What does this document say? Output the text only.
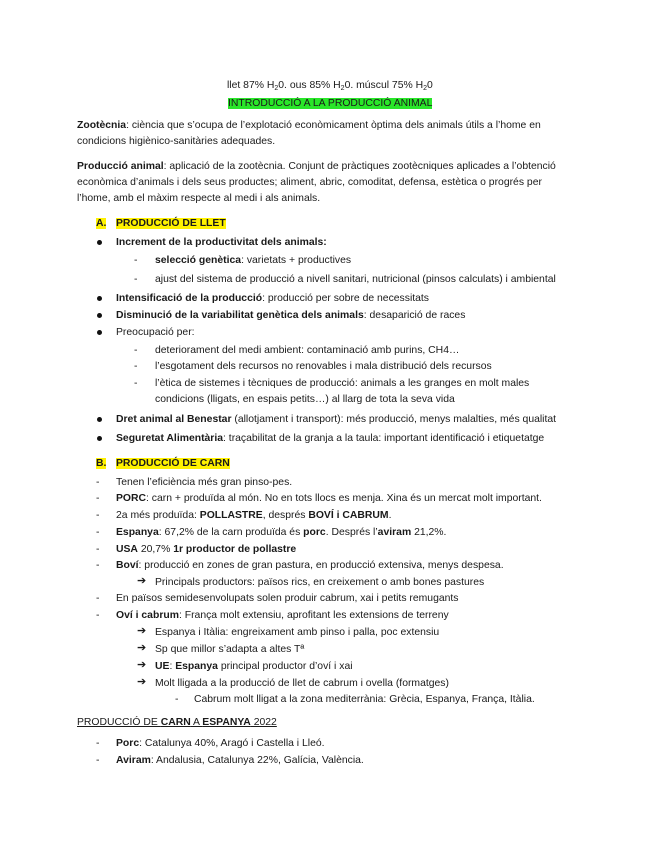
llet 87% $H_20$. ous 85% $H_20$. múscul 75% $H_20$
INTRODUCCIÓ A LA PRODUCCIÓ ANIMAL
Zootècnia: ciència que s’ocupa de l’explotació econòmicament òptima dels animals útils a l’home en
condicions higiènico-sanitàries adequades.
Producció animal: aplicació de la zootècnia. Conjunt de pràctiques zootècniques aplicades a l’obtenció
econòmica d’animals i dels seus productes; aliment, abric, comoditat, defensa, estètica o progrés per
l’home, amb el màxim respecte al medi i als animals.
A. PRODUCCIÓ DE LLET
Increment de la productivitat dels animals:
- selecció genètica: varietats + productives
- ajust del sistema de producció a nivell sanitari, nutricional (pinsos calculats) i ambiental
Intensificació de la producció: producció per sobre de necessitats
Disminució de la variabilitat genètica dels animals: desaparició de races
Preocupació per:
- deteriorament del medi ambient: contaminació amb purins, CH4…
- l’esgotament dels recursos no renovables i mala distribució dels recursos
- l’ètica de sistemes i tècniques de producció: animals a les granges en molt males
condicions (lligats, en espais petits…) al llarg de tota la seva vida
Dret animal al Benestar (allotjament i transport): més producció, menys malalties, més qualitat
Seguretat Alimentària: traçabilitat de la granja a la taula: important identificació i etiquetatge
B. PRODUCCIÓ DE CARN
- Tenen l’eficiència més gran pinso-pes.
- PORC: carn + produïda al món. No en tots llocs es menja. Xina és un mercat molt important.
- 2a més produïda: POLLASTRE, després BOVÍ i CABRUM.
- Espanya: 67,2% de la carn produïda és porc. Després l’aviram 21,2%.
- USA 20,7% 1r productor de pollastre
- Boví: producció en zones de gran pastura, en producció extensiva, menys despesa.
➔ Principals productors: països rics, en creixement o amb bones pastures
- En països semidesenvolupats solen produir cabrum, xai i petits remugants
- Oví i cabrum: França molt extensiu, aprofitant les extensions de terreny
➔ Espanya i Itàlia: engreixament amb pinso i palla, poc extensiu
➔ Sp que millor s’adapta a altes Tª
➔ UE: Espanya principal productor d’oví i xai
➔ Molt lligada a la producció de llet de cabrum i ovella (formatges)
- Cabrum molt lligat a la zona mediterrània: Grècia, Espanya, França, Itàlia.
PRODUCCIÓ DE CARN A ESPANYA 2022
- Porc: Catalunya 40%, Aragó i Castella i Lleó.
- Aviram: Andalusia, Catalunya 22%, Galícia, València.
